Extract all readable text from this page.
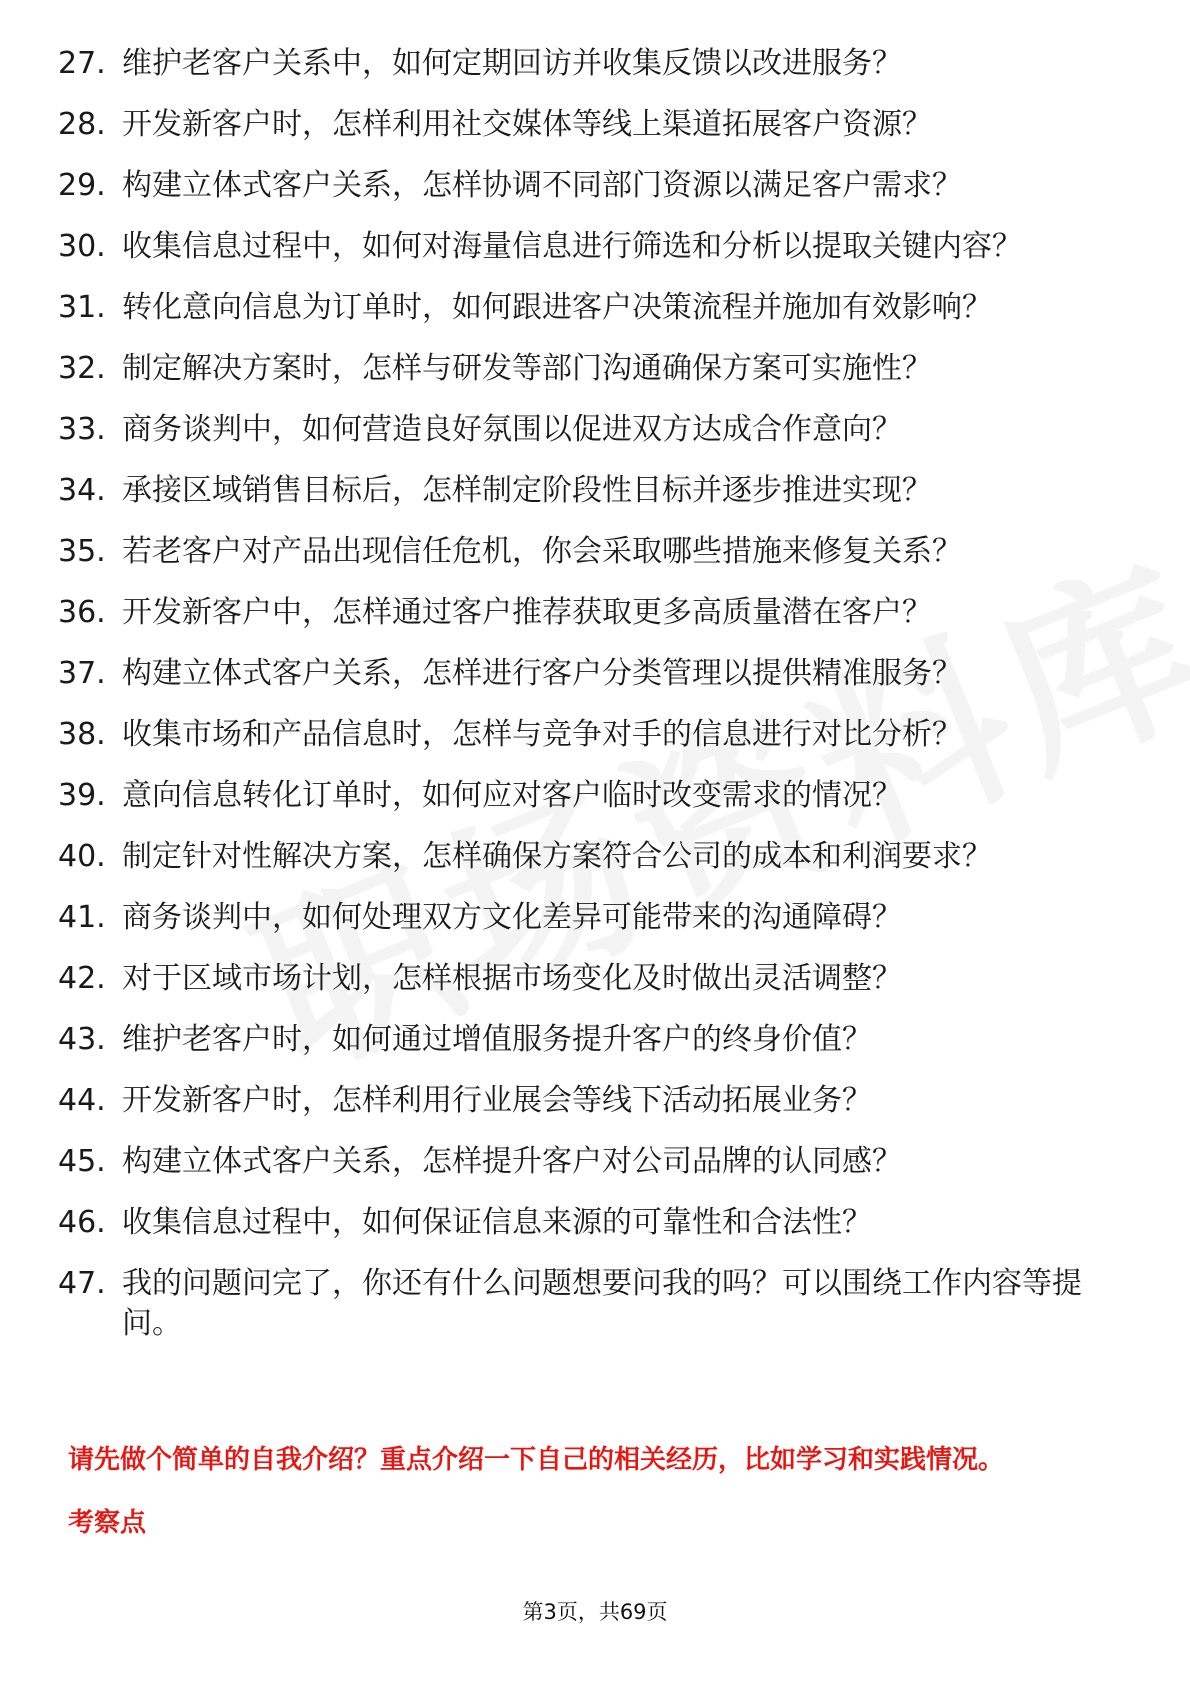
27. 维护老客户关系中，如何定期回访并收集反馈以改进服务？
28. 开发新客户时，怎样利用社交媒体等线上渠道拓展客户资源？
29. 构建立体式客户关系，怎样协调不同部门资源以满足客户需求？
30. 收集信息过程中，如何对海量信息进行筛选和分析以提取关键内容？
31. 转化意向信息为订单时，如何跟进客户决策流程并施加有效影响？
32. 制定解决方案时，怎样与研发等部门沟通确保方案可实施性？
33. 商务谈判中，如何营造良好氛围以促进双方达成合作意向？
34. 承接区域销售目标后，怎样制定阶段性目标并逐步推进实现？
35. 若老客户对产品出现信任危机，你会采取哪些措施来修复关系？
36. 开发新客户中，怎样通过客户推荐获取更多高质量潜在客户？
37. 构建立体式客户关系，怎样进行客户分类管理以提供精准服务？
38. 收集市场和产品信息时，怎样与竞争对手的信息进行对比分析？
39. 意向信息转化订单时，如何应对客户临时改变需求的情况？
40. 制定针对性解决方案，怎样确保方案符合公司的成本和利润要求？
41. 商务谈判中，如何处理双方文化差异可能带来的沟通障碍？
42. 对于区域市场计划，怎样根据市场变化及时做出灵活调整？
43. 维护老客户时，如何通过增值服务提升客户的终身价值？
44. 开发新客户时，怎样利用行业展会等线下活动拓展业务？
45. 构建立体式客户关系，怎样提升客户对公司品牌的认同感？
46. 收集信息过程中，如何保证信息来源的可靠性和合法性？
47. 我的问题问完了，你还有什么问题想要问我的吗？可以围绕工作内容等提问。
请先做个简单的自我介绍？重点介绍一下自己的相关经历，比如学习和实践情况。
考察点
第3页，共69页
